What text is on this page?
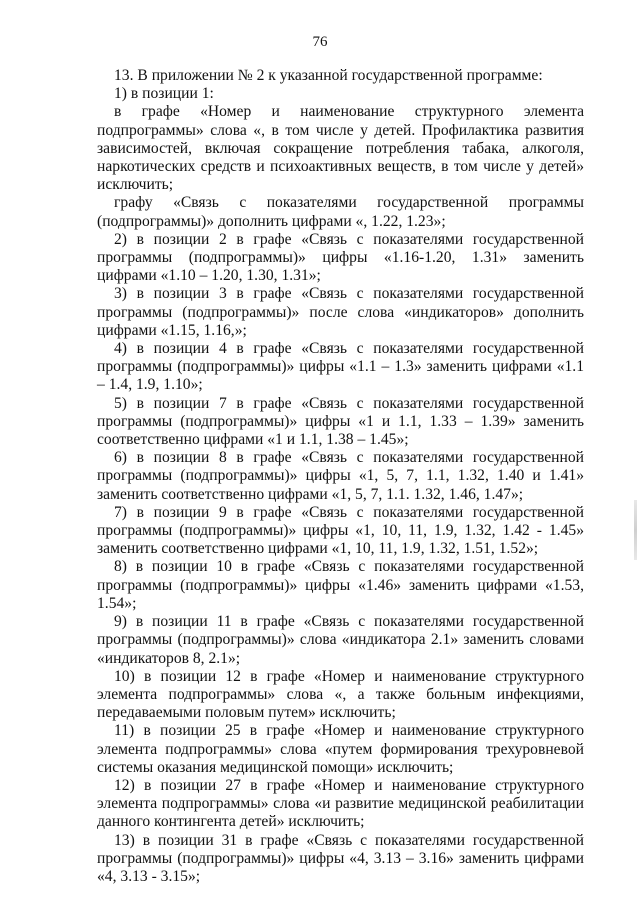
76

13. В приложении № 2 к указанной государственной программе:

1) в позиции 1:

в графе «Номер и наименование структурного элемента подпрограммы» слова «, в том числе у детей. Профилактика развития зависимостей, включая сокращение потребления табака, алкоголя, наркотических средств и психоактивных веществ, в том числе у детей» исключить;

графу «Связь с показателями государственной программы (подпрограммы)» дополнить цифрами «, 1.22, 1.23»;

2) в позиции 2 в графе «Связь с показателями государственной программы (подпрограммы)» цифры «1.16-1.20, 1.31» заменить цифрами «1.10 – 1.20, 1.30, 1.31»;

3) в позиции 3 в графе «Связь с показателями государственной программы (подпрограммы)» после слова «индикаторов» дополнить цифрами «1.15, 1.16,»;

4) в позиции 4 в графе «Связь с показателями государственной программы (подпрограммы)» цифры «1.1 – 1.3» заменить цифрами «1.1 – 1.4, 1.9, 1.10»;

5) в позиции 7 в графе «Связь с показателями государственной программы (подпрограммы)» цифры «1 и 1.1, 1.33 – 1.39» заменить соответственно цифрами «1 и 1.1, 1.38 – 1.45»;

6) в позиции 8 в графе «Связь с показателями государственной программы (подпрограммы)» цифры «1, 5, 7, 1.1, 1.32, 1.40 и 1.41» заменить соответственно цифрами «1, 5, 7, 1.1. 1.32, 1.46, 1.47»;

7) в позиции 9 в графе «Связь с показателями государственной программы (подпрограммы)» цифры «1, 10, 11, 1.9, 1.32, 1.42 - 1.45» заменить соответственно цифрами «1, 10, 11, 1.9, 1.32, 1.51, 1.52»;

8) в позиции 10 в графе «Связь с показателями государственной программы (подпрограммы)» цифры «1.46» заменить цифрами «1.53, 1.54»;

9) в позиции 11 в графе «Связь с показателями государственной программы (подпрограммы)» слова «индикатора 2.1» заменить словами «индикаторов 8, 2.1»;

10) в позиции 12 в графе «Номер и наименование структурного элемента подпрограммы» слова «, а также больным инфекциями, передаваемыми половым путем» исключить;

11) в позиции 25 в графе «Номер и наименование структурного элемента подпрограммы» слова «путем формирования трехуровневой системы оказания медицинской помощи» исключить;

12) в позиции 27 в графе «Номер и наименование структурного элемента подпрограммы» слова «и развитие медицинской реабилитации данного контингента детей» исключить;

13) в позиции 31 в графе «Связь с показателями государственной программы (подпрограммы)» цифры «4, 3.13 – 3.16» заменить цифрами «4, 3.13 - 3.15»;
